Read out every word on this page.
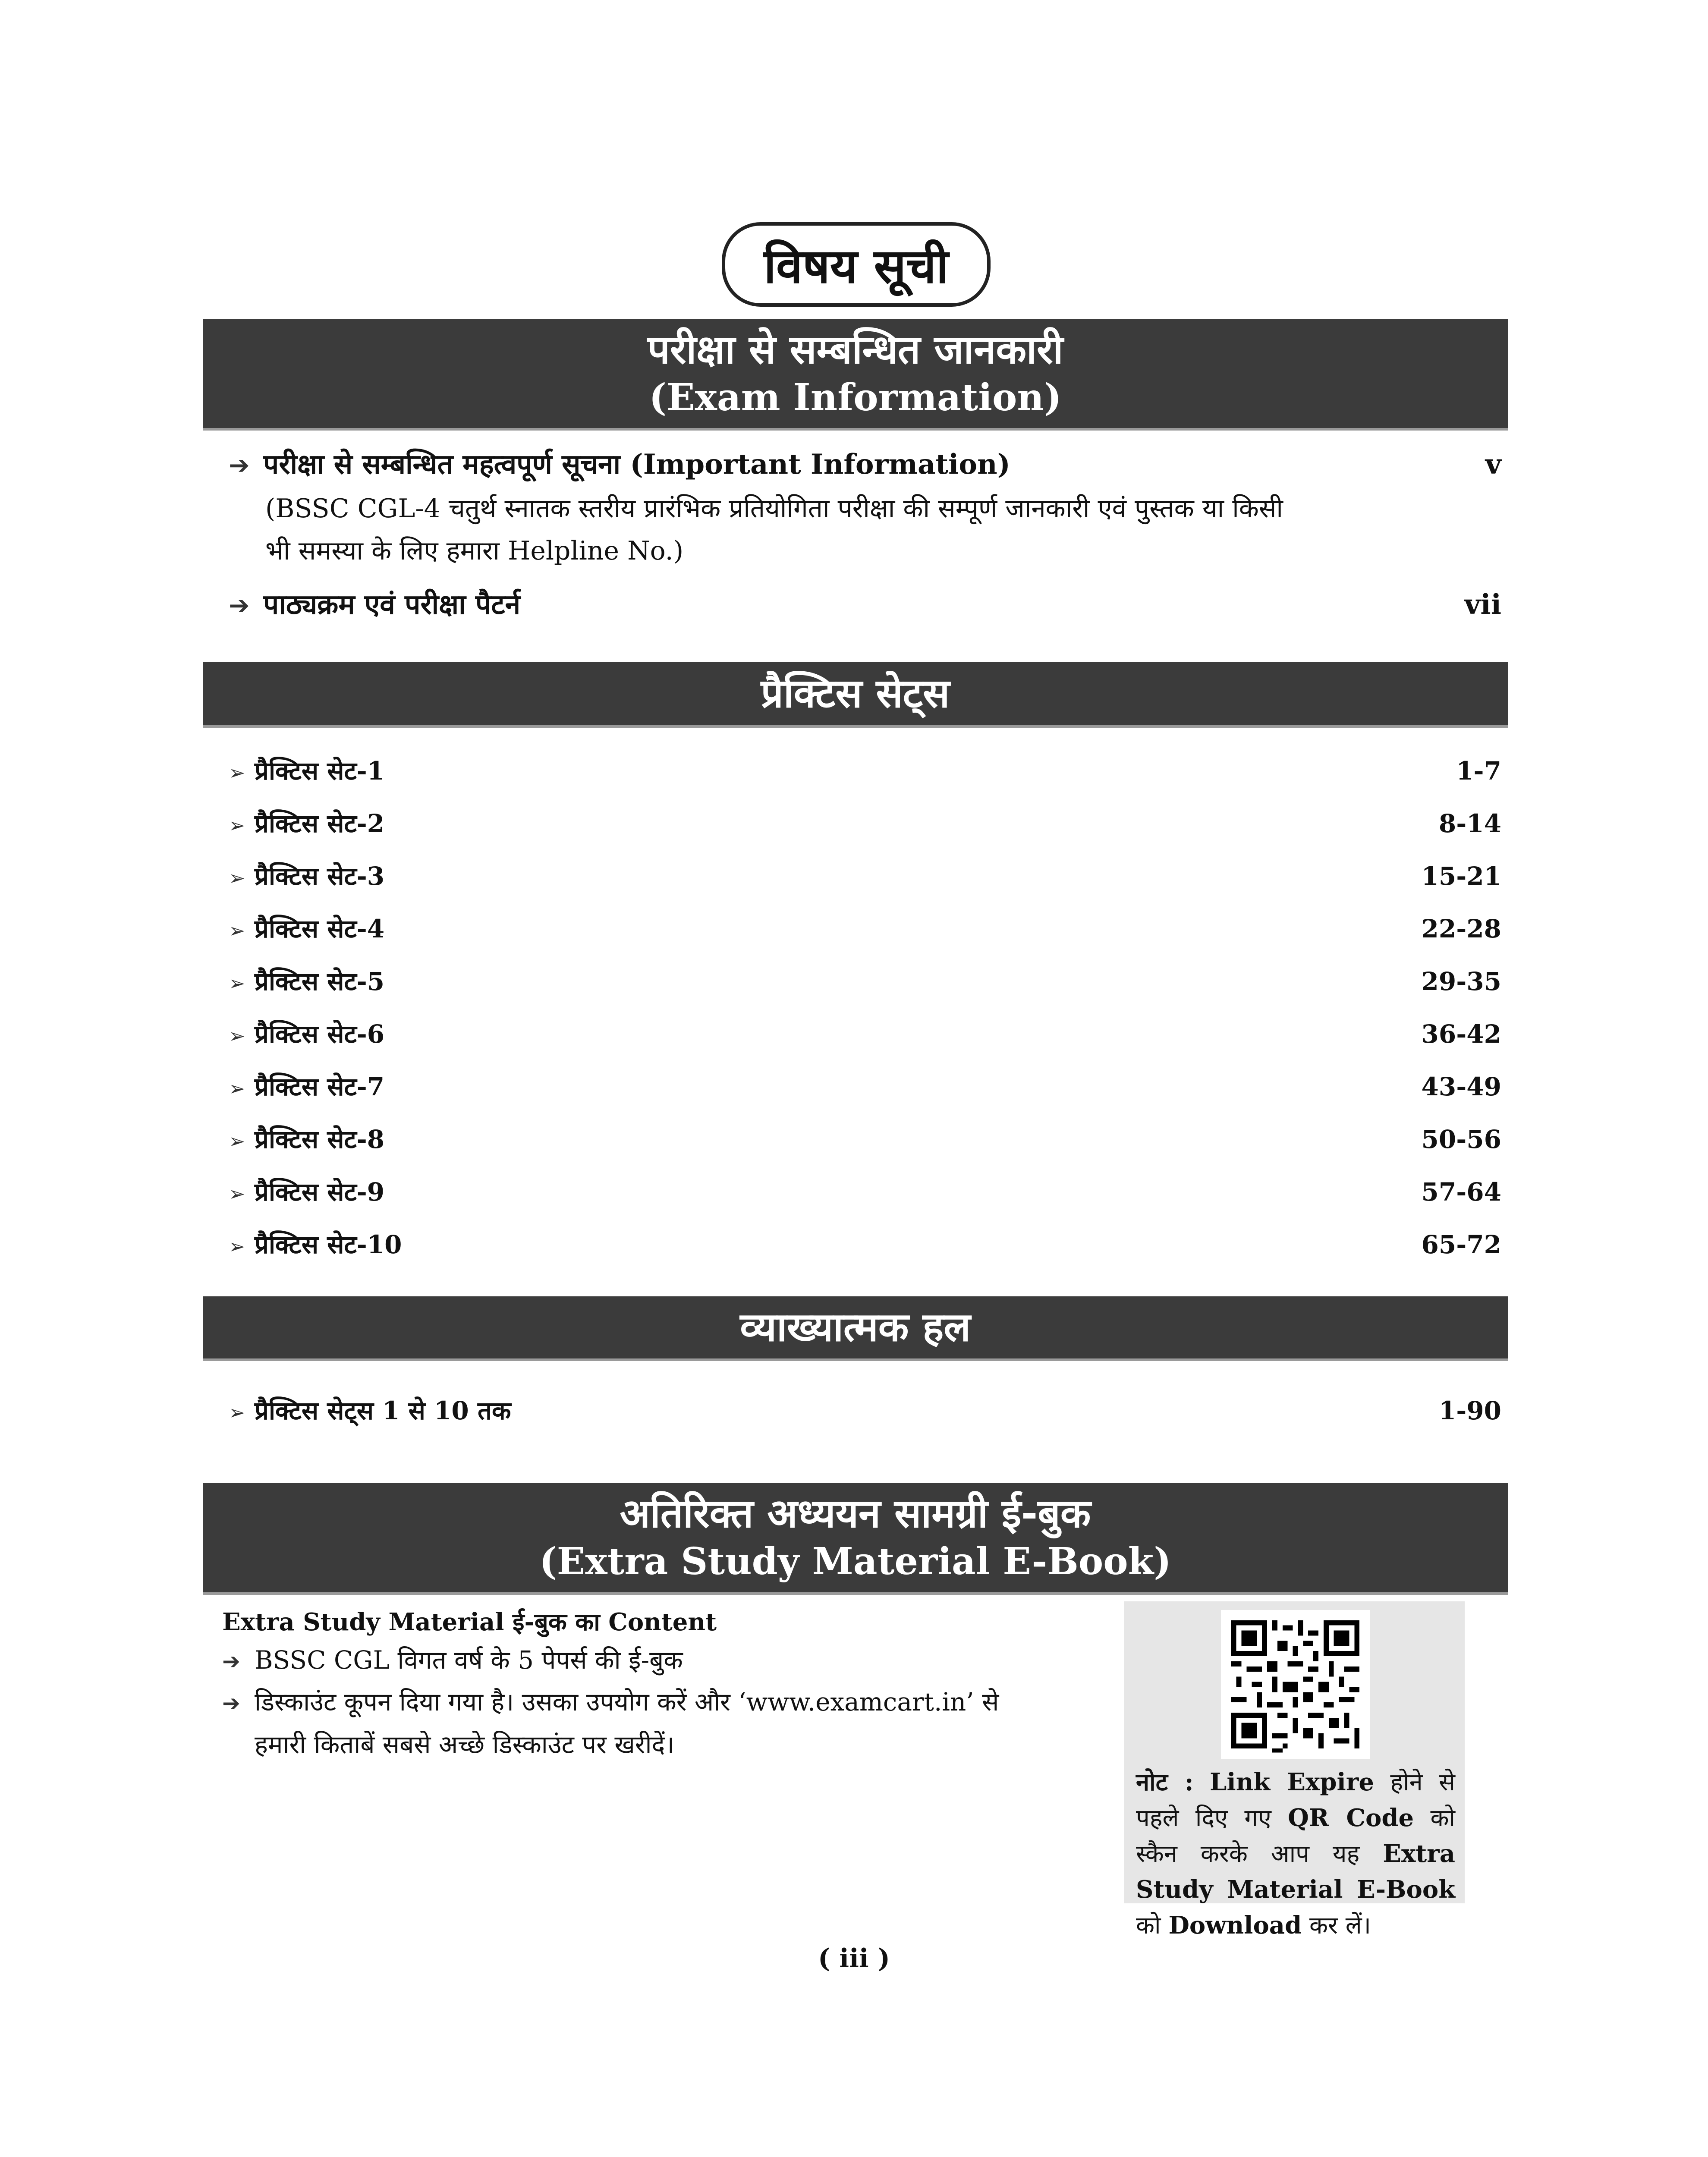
विषय सूची
परीक्षा से सम्बन्धित जानकारी
(Exam Information)
➔ परीक्षा से सम्बन्धित महत्वपूर्ण सूचना (Important Information)	v
(BSSC CGL-4 चतुर्थ स्नातक स्तरीय प्रारंभिक प्रतियोगिता परीक्षा की सम्पूर्ण जानकारी एवं पुस्तक या किसी
भी समस्या के लिए हमारा Helpline No.)
➔ पाठ्यक्रम एवं परीक्षा पैटर्न	vii
प्रैक्टिस सेट्स
➢ प्रैक्टिस सेट-1	1-7
➢ प्रैक्टिस सेट-2	8-14
➢ प्रैक्टिस सेट-3	15-21
➢ प्रैक्टिस सेट-4	22-28
➢ प्रैक्टिस सेट-5	29-35
➢ प्रैक्टिस सेट-6	36-42
➢ प्रैक्टिस सेट-7	43-49
➢ प्रैक्टिस सेट-8	50-56
➢ प्रैक्टिस सेट-9	57-64
➢ प्रैक्टिस सेट-10	65-72
व्याख्यात्मक हल
➢ प्रैक्टिस सेट्स 1 से 10 तक	1-90
अतिरिक्त अध्ययन सामग्री ई-बुक
(Extra Study Material E-Book)
Extra Study Material ई-बुक का Content
➔ BSSC CGL विगत वर्ष के 5 पेपर्स की ई-बुक
➔ डिस्काउंट कूपन दिया गया है। उसका उपयोग करें और ‘www.examcart.in’ से
हमारी किताबें सबसे अच्छे डिस्काउंट पर खरीदें।
नोट : Link Expire होने से पहले दिए गए QR Code को स्कैन करके आप यह Extra Study Material E-Book को Download कर लें।
( iii )
